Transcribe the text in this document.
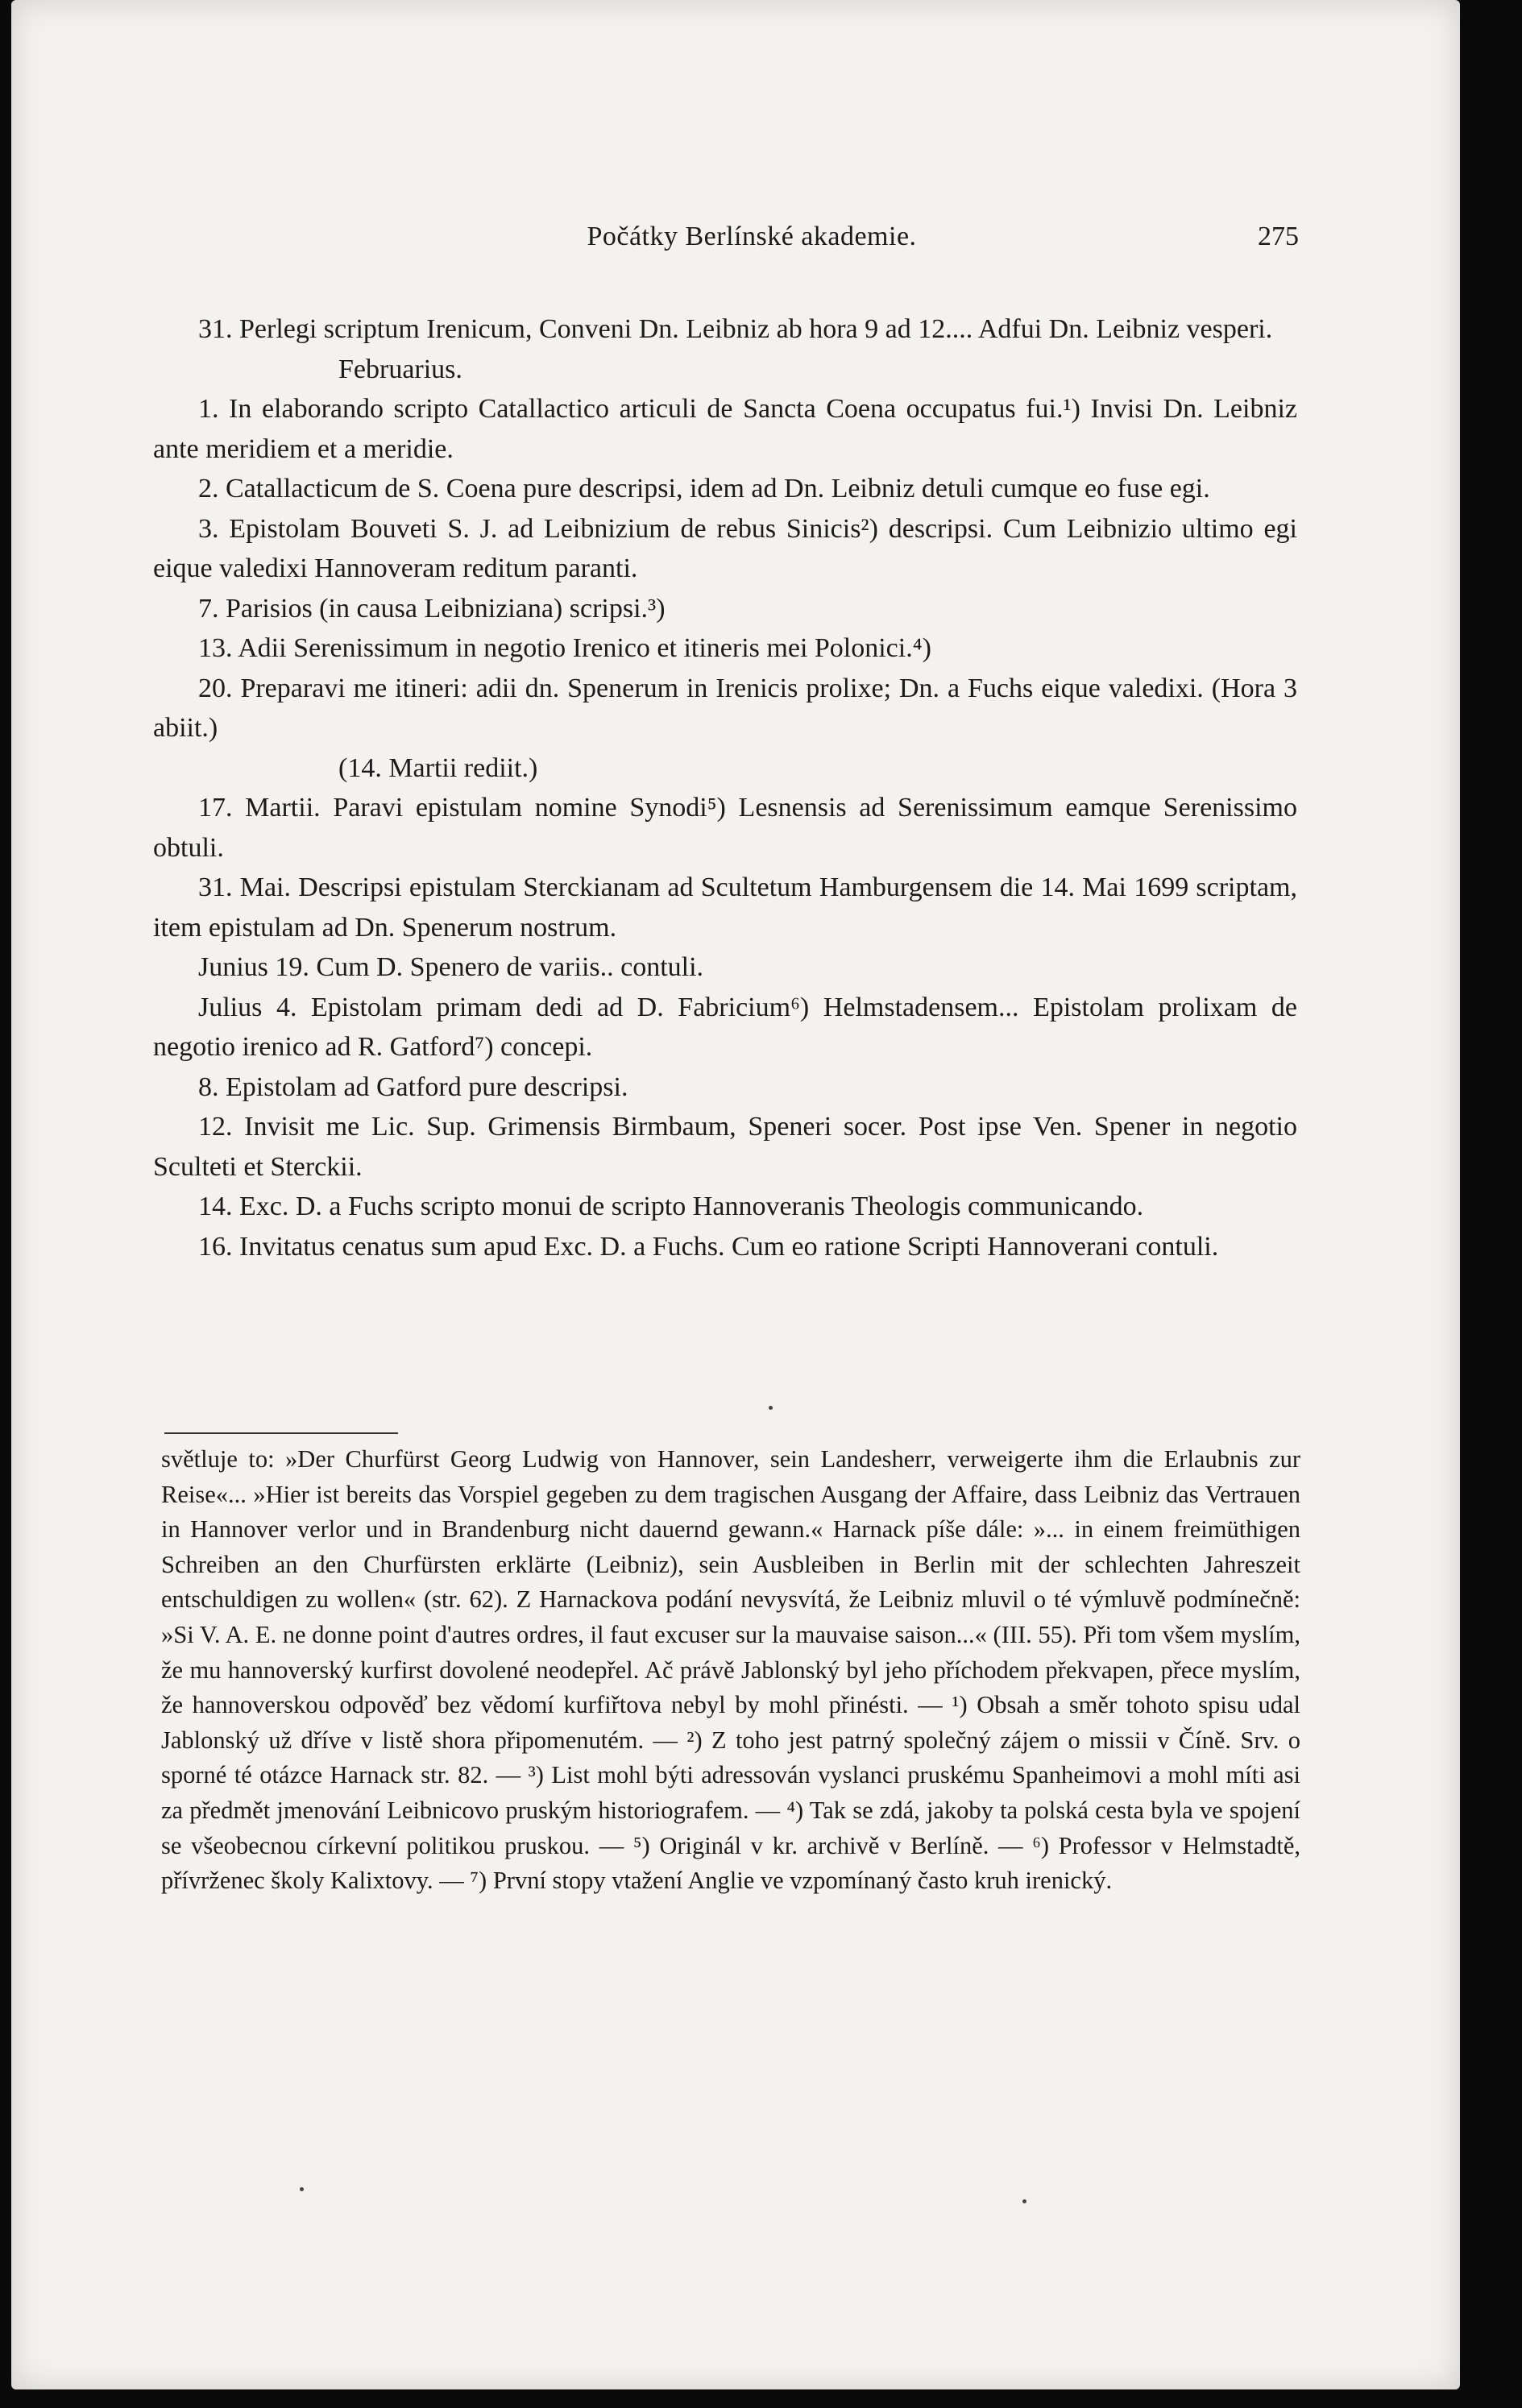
Počátky Berlínské akademie.	275

31. Perlegi scriptum Irenicum, Conveni Dn. Leibniz ab hora 9 ad 12.... Adfui Dn. Leibniz vesperi.

Februarius.

1. In elaborando scripto Catallactico articuli de Sancta Coena occupatus fui.¹) Invisi Dn. Leibniz ante meridiem et a meridie.

2. Catallacticum de S. Coena pure descripsi, idem ad Dn. Leibniz detuli cumque eo fuse egi.

3. Epistolam Bouveti S. J. ad Leibnizium de rebus Sinicis²) descripsi. Cum Leibnizio ultimo egi eique valedixi Hannoveram reditum paranti.

7. Parisios (in causa Leibniziana) scripsi.³)

13. Adii Serenissimum in negotio Irenico et itineris mei Polonici.⁴)

20. Preparavi me itineri: adii dn. Spenerum in Irenicis prolixe; Dn. a Fuchs eique valedixi. (Hora 3 abiit.)

(14. Martii rediit.)

17. Martii. Paravi epistulam nomine Synodi⁵) Lesnensis ad Serenissimum eamque Serenissimo obtuli.

31. Mai. Descripsi epistulam Sterckianam ad Scultetum Hamburgensem die 14. Mai 1699 scriptam, item epistulam ad Dn. Spenerum nostrum.

Junius 19. Cum D. Spenero de variis.. contuli.

Julius 4. Epistolam primam dedi ad D. Fabricium⁶) Helmstadensem... Epistolam prolixam de negotio irenico ad R. Gatford⁷) concepi.

8. Epistolam ad Gatford pure descripsi.

12. Invisit me Lic. Sup. Grimensis Birmbaum, Speneri socer. Post ipse Ven. Spener in negotio Sculteti et Sterckii.

14. Exc. D. a Fuchs scripto monui de scripto Hannoveranis Theologis communicando.

16. Invitatus cenatus sum apud Exc. D. a Fuchs. Cum eo ratione Scripti Hannoverani contuli.

světluje to: »Der Churfürst Georg Ludwig von Hannover, sein Landesherr, verweigerte ihm die Erlaubnis zur Reise«... »Hier ist bereits das Vorspiel gegeben zu dem tragischen Ausgang der Affaire, dass Leibniz das Vertrauen in Hannover verlor und in Brandenburg nicht dauernd gewann.« Harnack píše dále: »... in einem freimüthigen Schreiben an den Churfürsten erklärte (Leibniz), sein Ausbleiben in Berlin mit der schlechten Jahreszeit entschuldigen zu wollen« (str. 62). Z Harnackova podání nevysvítá, že Leibniz mluvil o té výmluvě podmínečně: »Si V. A. E. ne donne point d'autres ordres, il faut excuser sur la mauvaise saison...« (III. 55). Při tom všem myslím, že mu hannoverský kurfirst dovolené neodepřel. Ač právě Jablonský byl jeho příchodem překvapen, přece myslím, že hannoverskou odpověď bez vědomí kurfiřtova nebyl by mohl přinésti. — ¹) Obsah a směr tohoto spisu udal Jablonský už dříve v listě shora připomenutém. — ²) Z toho jest patrný společný zájem o missii v Číně. Srv. o sporné té otázce Harnack str. 82. — ³) List mohl býti adressován vyslanci pruskému Spanheimovi a mohl míti asi za předmět jmenování Leibnicovo pruským historiografem. — ⁴) Tak se zdá, jakoby ta polská cesta byla ve spojení se všeobecnou církevní politikou pruskou. — ⁵) Originál v kr. archivě v Berlíně. — ⁶) Professor v Helmstadtě, přívrženec školy Kalixtovy. — ⁷) První stopy vtažení Anglie ve vzpomínaný často kruh irenický.
